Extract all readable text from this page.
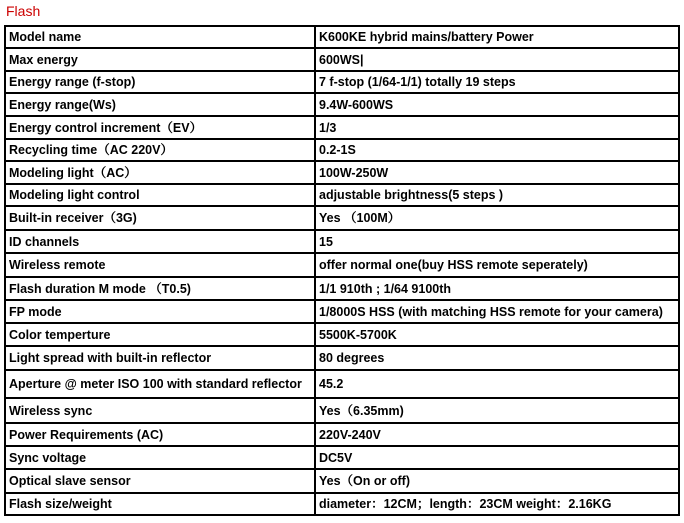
Flash
Model name	K600KE hybrid mains/battery Power
Max energy	600WS|
Energy range (f-stop)	7 f-stop (1/64-1/1) totally 19 steps
Energy range(Ws)	9.4W-600WS
Energy control increment（EV）	1/3
Recycling time（AC 220V）	0.2-1S
Modeling light（AC）	100W-250W
Modeling light control	adjustable brightness(5 steps )
Built-in receiver（3G)	Yes （100M）
ID channels	15
Wireless remote	offer normal one(buy HSS remote seperately)
Flash duration M mode （T0.5)	1/1 910th ; 1/64 9100th
FP mode	1/8000S HSS (with matching HSS remote for your camera)
Color temperture	5500K-5700K
Light spread with built-in reflector	80 degrees
Aperture @ meter ISO 100 with standard reflector	45.2
Wireless sync	Yes（6.35mm)
Power Requirements (AC)	220V-240V
Sync voltage	DC5V
Optical slave sensor	Yes（On or off)
Flash size/weight	diameter：12CM；length：23CM weight：2.16KG
